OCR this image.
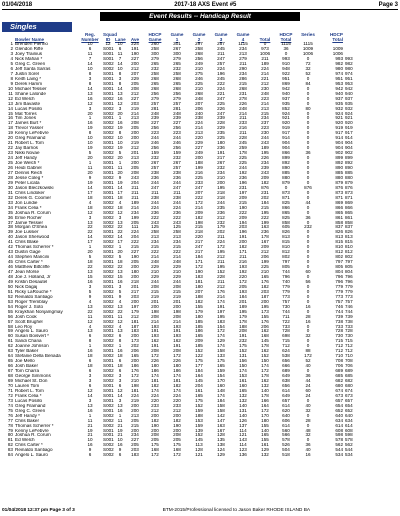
01/04/2018	2017-18 AXS Event #5	Page 3
Event Results -- Handicap Result
Singles
		Reg.	Squad			HDCP	Game	Game	Game	Game		HDCP	Series	HDCP	
	Bowler Name	Number	ID	Lane	Ave	Game	1	2	3	4	Total	Total		Total	
1	Brenden Pierino	10	12	10	224	260	301	297	257	1115	0	1115	1115		
2	Glendon Riffe	6	S001	6	191	258	267	258	245	234	973	36	1009	1009	
3	Joey Trainius	11	S001	11	190	300	300	268	211	213	1006	0	1006	1006	
4	Nick Mahan *	7	S001	7	227	279	279	256	247	279	211	993	0	993	993
5	Greg C. Green	14	S002	14	200	265	265	249	257	211	189	910	72	982	982
6	Jeff Santa Sarras	10	S002	10	212	232	232	210	224	290	224	948	32	980	980
7	Justin Sorel	8	S001	8	207	258	258	275	196	234	214	922	52	974	974
8	Keith Laing *	3	S001	3	229	268	268	246	245	286	221	951	0	951	951
9	Derek Hamm	8	S001	8	205	265	265	225	222	215	212	869	84	953	953
10	Michael Tessier	14	S001	14	208	268	268	210	224	268	230	942	0	942	942
11	Shane Lalonde	13	S001	13	212	256	256	268	221	231	248	940	0	940	940
12	Ed Welch	16	S002	16	227	279	279	248	247	278	223	937	0	937	937
13	Jim Bavaste	12	S001	12	203	257	257	207	225	226	214	935	0	935	935
14	Lucas Posillo	3	S002	3	219	281	281	206	226	248	213	852	80	932	932
15	Mat Torres	20	S002	20	214	248	248	240	247	214	215	924	0	924	924
16	Tim Jones	1	S001	1	213	239	239	238	239	211	234	921	0	921	921
17	James Burt *	16	S002	16	208	227	227	224	228	233	237	920	0	920	920
18	Trevor Yasser	19	S002	19	205	256	256	214	229	216	223	919	0	919	919
19	Kenny LeFebvre	8	S002	8	200	223	223	213	235	211	230	917	0	917	917
20	Greg Filamand	10	S002	10	200	244	244	220	225	228	244	914	0	914	914
21	Robert L. Tom	10	S001	10	219	246	246	229	180	245	243	904	0	904	904
22	Jay Barrios	19	S002	19	212	256	256	227	236	259	189	904	0	904	904
23	Nikki Novae	5	S002	5	201	159	159	249	191	178	195	866	36	902	902
24	Jeff Handy	20	S002	20	213	232	232	200	217	225	226	899	0	899	899
25	Joe Welch *	1	S001	1	200	267	267	188	267	225	234	892	0	892	892
26	Heidi Gabriel	11	S001	11	205	257	257	199	232	244	239	890	0	890	890
27	Dennis Reich	20	S001	20	208	238	238	216	234	192	243	885	0	885	885
28	Jesse Coleg *	9	S002	9	243	236	236	225	210	236	209	880	0	880	880
29	Peter Licata	19	S001	19	204	244	244	233	200	196	182	879	0	879	879
30	Jason Bleczkowski	14	S001	14	211	247	247	247	195	231	876	0	876	876	876
31	Chris Lindoker	17	S001	17	211	211	211	207	218	197	231	873	0	873	873
32	Derek G. Coomer	18	S001	18	211	238	238	222	218	209	202	871	0	871	871
33	Jon Lundie	4	S002	4	189	244	244	172	244	215	184	825	44	869	869
34	Frank Celia *	18	S002	18	214	224	224	214	235	190	215	866	0	866	866
35	Joshua R. Corum	12	S002	12	234	236	236	209	236	222	195	865	0	865	865
36	Ernie Rocher	3	S002	3	199	222	222	182	212	209	222	825	36	861	861
37	Jamie Tessier	13	S002	13	205	243	243	198	232	194	199	858	0	858	858
38	Morgan O'Shea	22	S002	22	111	125	125	215	179	203	163	605	232	837	837
39	Joe Lussier	22	S001	22	224	258	258	218	202	196	236	826	0	826	826
40	Jason Sherwood	14	S002	14	204	213	213	220	211	191	178	813	0	813	813
41	Chris Blake	17	S002	17	222	234	234	217	224	200	167	815	0	815	815
42	Thomas Scherrer *	1	S002	1	215	215	215	247	172	182	209	810	0	810	810
43	Dustin Gage	20	S001	20	227	222	222	217	195	171	212	812	0	812	812
44	Stephen Mancini	5	S002	5	190	214	214	184	212	211	206	802	0	802	802
45	Chris Carter *	18	S001	18	205	248	248	171	211	216	199	797	0	797	797
46	Matthew Bittcliffe	22	S002	22	200	229	229	172	195	193	225	805	0	805	805
47	Jean Morse	13	S002	13	180	210	210	190	152	192	210	744	60	804	804
48	Joe J. Holland, Jr	15	S002	15	200	229	229	183	228	220	165	796	0	796	796
49	Kristin Desautel	16	S001	16	218	244	244	181	211	172	176	740	56	796	796
50	Nick Dagaj	3	S001	3	201	208	208	180	212	205	182	779	0	779	779
51	Ricky LaRouche *	5	S002	5	217	215	215	207	176	193	203	779	0	779	779
52	Reinaldo Santiago	9	S001	9	203	219	219	188	214	184	187	773	0	773	773
53	Roger Tremblay	4	S002	4	200	201	201	182	174	201	200	757	0	757	757
54	Roger J. Soto	13	S002	13	197	200	200	155	191	189	195	730	16	746	746
55	Kraykhan Nonjamgmay	22	S002	22	179	198	198	179	197	195	173	744	0	744	744
56	Josh Cook	11	S001	11	212	208	208	180	195	179	155	711	28	739	739
57	Scott Brughel	12	S002	12	181	214	214	185	183	178	176	722	16	738	738
58	Leo Roy	4	S002	4	187	193	193	185	154	188	206	733	0	733	733
59	Angelo L. Sauro	13	S001	13	183	191	191	186	172	208	162	728	0	728	728
60	Susan Boisvert *	6	S002	6	200	193	193	165	174	191	168	698	32	730	730
61	Sandi Chana	8	S002	8	173	162	162	209	129	232	145	715	0	715	715
62	Joanne Johnson	1	S002	1	202	191	191	185	174	175	178	712	0	712	712
63	Tyler Baker	16	S001	16	206	208	208	152	158	152	162	624	88	712	712
64	Stefanie Della Benada	18	S002	18	165	172	172	122	133	131	152	538	172	710	710
65	Joe Mello	6	S001	6	200	226	226	175	175	156	150	656	52	708	708
66	Josh Baker	18	S001	18	186	180	180	177	165	150	174	666	40	706	706
67	Tom Charra	6	S002	6	176	186	186	184	159	174	172	689	0	689	689
68	George Simmons	3	S002	3	172	174	174	164	154	153	178	649	36	685	685
69	Michael St. Don	3	S002	3	210	181	181	145	170	161	162	638	44	682	682
70	Lauren Tom	6	S001	6	198	182	182	204	160	160	132	656	24	680	680
71	Robert L. Tom	12	S001	12	181	174	174	161	148	165	140	614	60	674	674
72	Frank Celia *	14	S001	14	224	224	224	165	174	132	178	649	24	673	673
73	Lucas Posillo	3	S001	3	219	220	220	175	184	132	166	657	0	657	657
74	Greg Filamand	13	S002	13	200	233	233	152	158	140	164	614	40	654	654
75	Greg C. Green	16	S001	16	200	212	212	159	158	131	172	620	32	652	652
76	Jeff Handy *	1	S002	1	213	200	200	188	142	140	170	640	0	640	640
77	Chris Baker	11	S002	11	205	182	182	153	147	126	180	606	28	634	634
78	Thomas Scherrer *	21	S002	21	215	190	190	159	163	137	155	614	0	614	614
79	Kenny LeFebvre	19	S001	19	200	200	200	139	167	114	140	560	48	608	608
80	Joshua R. Corum	21	S001	21	234	208	208	152	128	121	165	566	32	598	598
81	Ed Welch	10	S001	10	227	205	205	145	135	143	155	578	0	578	578
82	Chris Carter *	16	S002	16	205	175	175	113	138	114	161	526	36	562	562
83	Reinaldo Santiago	9	S002	9	203	168	168	128	124	123	129	504	40	544	544
84	Angelo L. Sauro	6	S002	6	183	172	172	121	129	136	132	518	16	534	534
01/04/2018 12:37 pm Page 3 of 3	BTM-2015/Professional licensed to Jason Baker RHODE ISLAND BA
